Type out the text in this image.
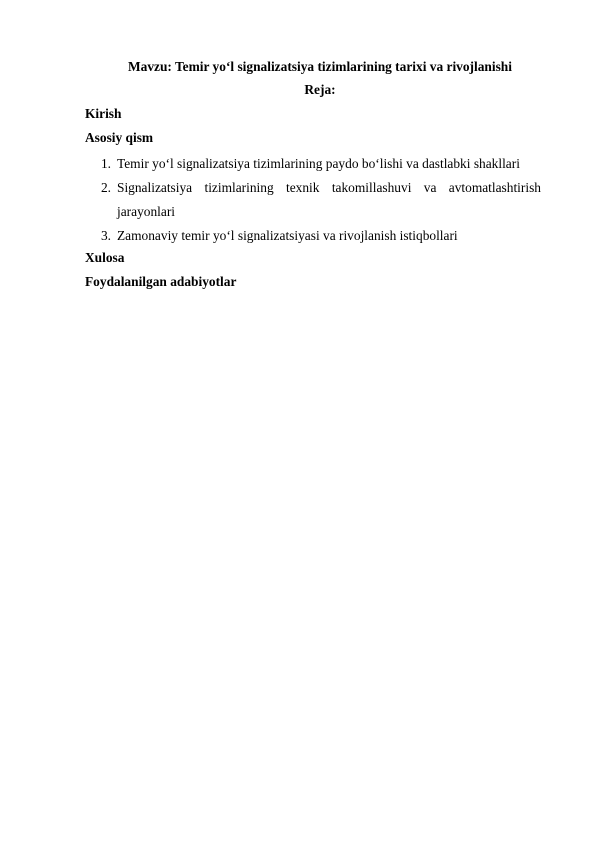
Mavzu: Temir yo‘l signalizatsiya tizimlarining tarixi va rivojlanishi
Reja:
Kirish
Asosiy qism
1. Temir yo‘l signalizatsiya tizimlarining paydo bo‘lishi va dastlabki shakllari
2. Signalizatsiya tizimlarining texnik takomillashuvi va avtomatlashtirish jarayonlari
3. Zamonaviy temir yo‘l signalizatsiyasi va rivojlanish istiqbollari
Xulosa
Foydalanilgan adabiyotlar
